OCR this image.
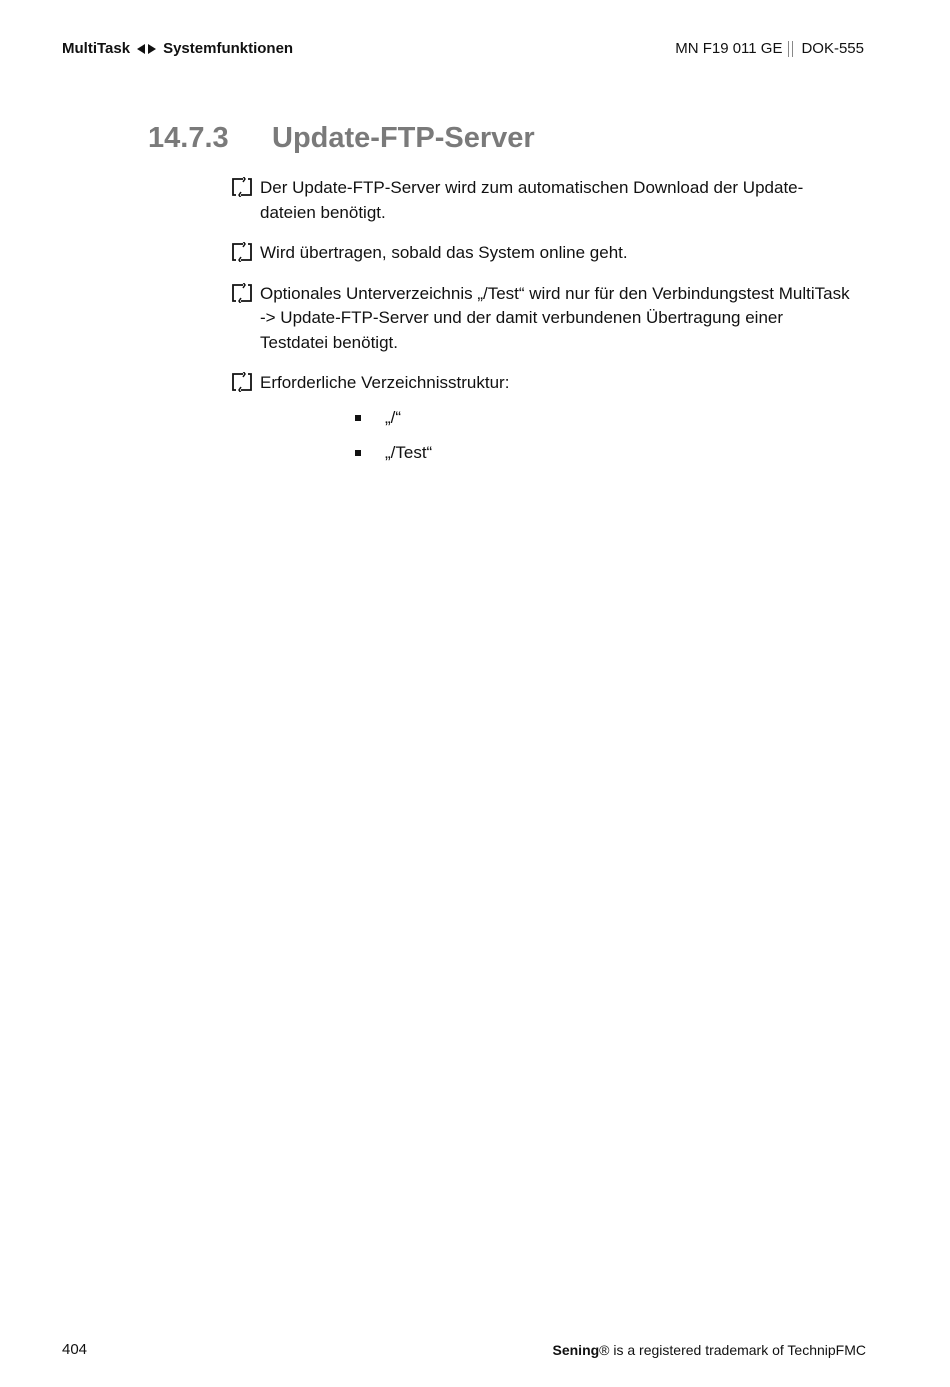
MultiTask Systemfunktionen	MN F19 011 GE DOK-555
14.7.3 Update-FTP-Server
Der Update-FTP-Server wird zum automatischen Download der Update-dateien benötigt.
Wird übertragen, sobald das System online geht.
Optionales Unterverzeichnis „/Test“ wird nur für den Verbindungstest MultiTask -> Update-FTP-Server und der damit verbundenen Übertragung einer Testdatei benötigt.
Erforderliche Verzeichnisstruktur:
„/“
„/Test“
404	Sening® is a registered trademark of TechnipFMC
